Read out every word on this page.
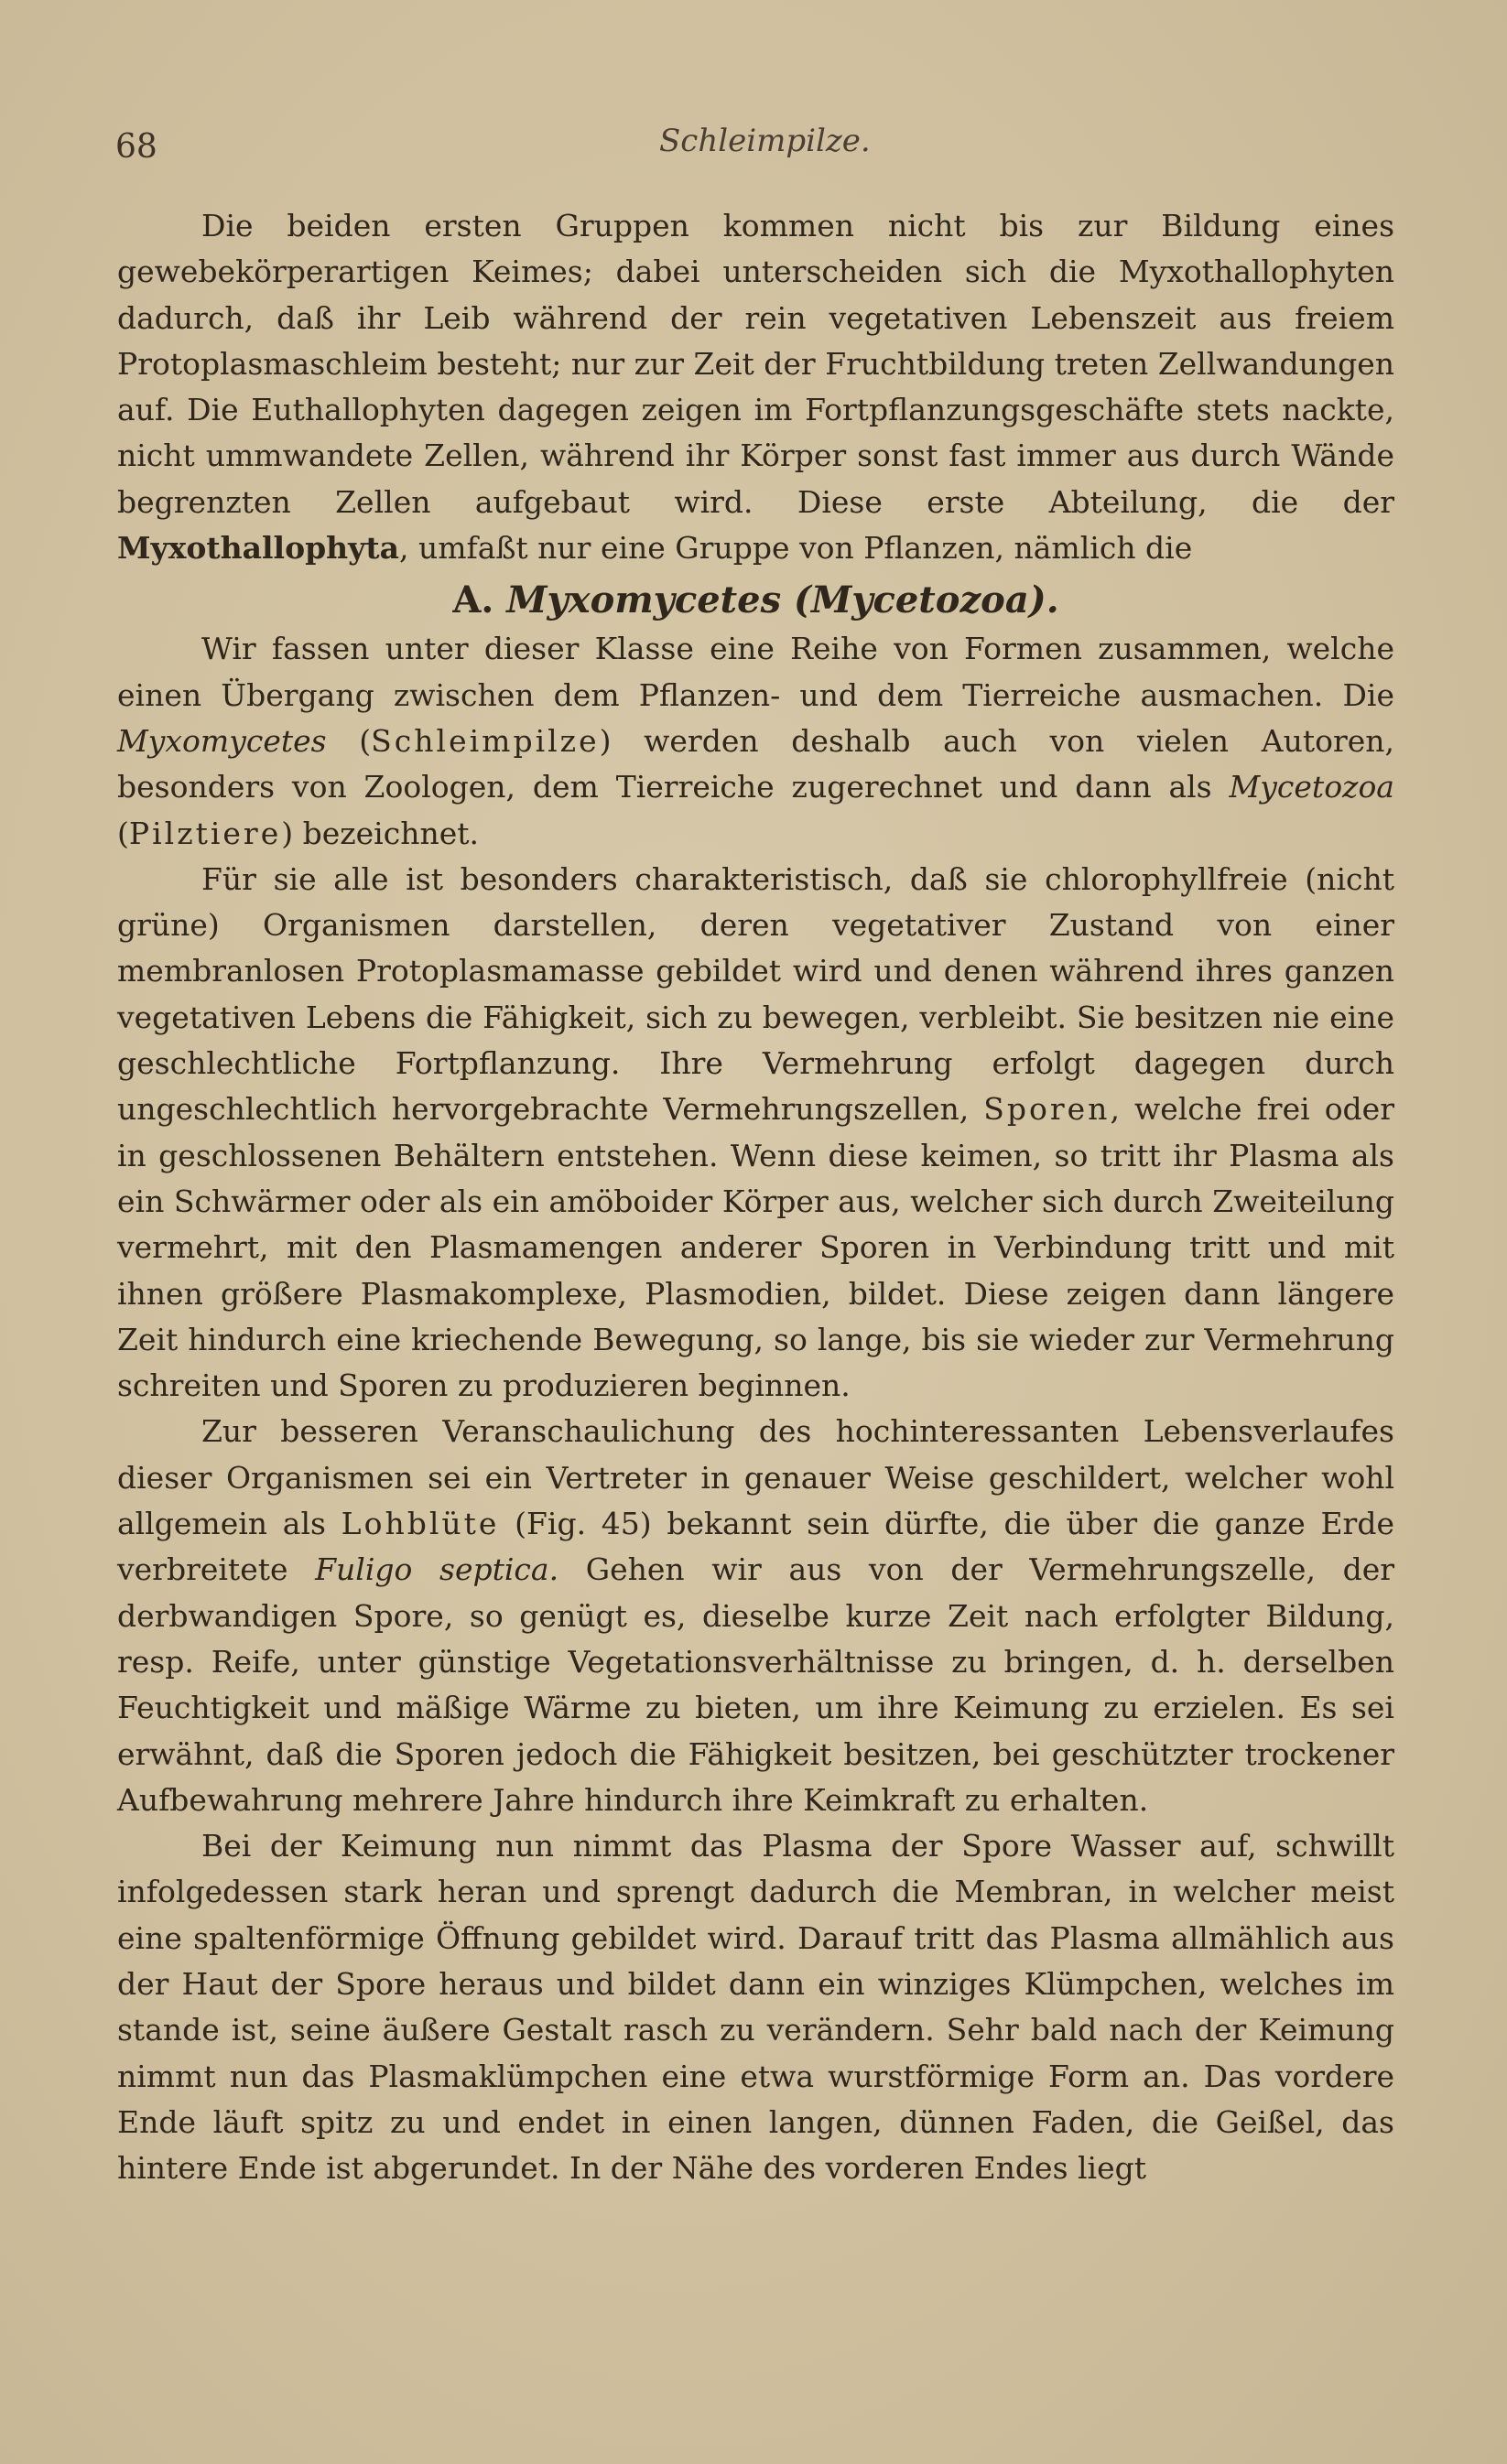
68	Schleimpilze.

Die beiden ersten Gruppen kommen nicht bis zur Bildung eines gewebekörperartigen Keimes; dabei unterscheiden sich die Myxothallophyten dadurch, daß ihr Leib während der rein vegetativen Lebenszeit aus freiem Protoplasmaschleim besteht; nur zur Zeit der Fruchtbildung treten Zellwandungen auf. Die Euthallophyten dagegen zeigen im Fortpflanzungsgeschäfte stets nackte, nicht ummwandete Zellen, während ihr Körper sonst fast immer aus durch Wände begrenzten Zellen aufgebaut wird. Diese erste Abteilung, die der Myxothallophyta, umfaßt nur eine Gruppe von Pflanzen, nämlich die

A. Myxomycetes (Mycetozoa).

Wir fassen unter dieser Klasse eine Reihe von Formen zusammen, welche einen Übergang zwischen dem Pflanzen- und dem Tierreiche ausmachen. Die Myxomycetes (Schleimpilze) werden deshalb auch von vielen Autoren, besonders von Zoologen, dem Tierreiche zugerechnet und dann als Mycetozoa (Pilztiere) bezeichnet.

Für sie alle ist besonders charakteristisch, daß sie chlorophyllfreie (nicht grüne) Organismen darstellen, deren vegetativer Zustand von einer membranlosen Protoplasmamasse gebildet wird und denen während ihres ganzen vegetativen Lebens die Fähigkeit, sich zu bewegen, verbleibt. Sie besitzen nie eine geschlechtliche Fortpflanzung. Ihre Vermehrung erfolgt dagegen durch ungeschlechtlich hervorgebrachte Vermehrungszellen, Sporen, welche frei oder in geschlossenen Behältern entstehen. Wenn diese keimen, so tritt ihr Plasma als ein Schwärmer oder als ein amöboider Körper aus, welcher sich durch Zweiteilung vermehrt, mit den Plasmamengen anderer Sporen in Verbindung tritt und mit ihnen größere Plasmakomplexe, Plasmodien, bildet. Diese zeigen dann längere Zeit hindurch eine kriechende Bewegung, so lange, bis sie wieder zur Vermehrung schreiten und Sporen zu produzieren beginnen.

Zur besseren Veranschaulichung des hochinteressanten Lebensverlaufes dieser Organismen sei ein Vertreter in genauer Weise geschildert, welcher wohl allgemein als Lohblüte (Fig. 45) bekannt sein dürfte, die über die ganze Erde verbreitete Fuligo septica. Gehen wir aus von der Vermehrungszelle, der derbwandigen Spore, so genügt es, dieselbe kurze Zeit nach erfolgter Bildung, resp. Reife, unter günstige Vegetationsverhältnisse zu bringen, d. h. derselben Feuchtigkeit und mäßige Wärme zu bieten, um ihre Keimung zu erzielen. Es sei erwähnt, daß die Sporen jedoch die Fähigkeit besitzen, bei geschützter trockener Aufbewahrung mehrere Jahre hindurch ihre Keimkraft zu erhalten.

Bei der Keimung nun nimmt das Plasma der Spore Wasser auf, schwillt infolgedessen stark heran und sprengt dadurch die Membran, in welcher meist eine spaltenförmige Öffnung gebildet wird. Darauf tritt das Plasma allmählich aus der Haut der Spore heraus und bildet dann ein winziges Klümpchen, welches im stande ist, seine äußere Gestalt rasch zu verändern. Sehr bald nach der Keimung nimmt nun das Plasmaklümpchen eine etwa wurstförmige Form an. Das vordere Ende läuft spitz zu und endet in einen langen, dünnen Faden, die Geißel, das hintere Ende ist abgerundet. In der Nähe des vorderen Endes liegt
